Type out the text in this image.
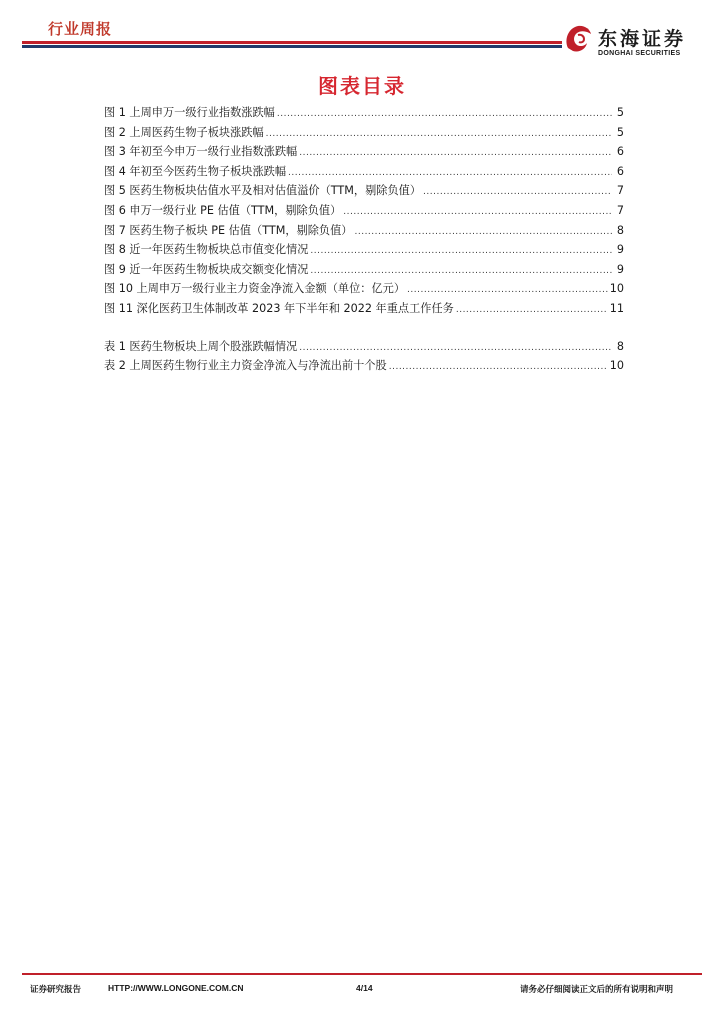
行业周报	东海证券
DONGHAI SECURITIES
图表目录
图 1 上周申万一级行业指数涨跌幅 .....	5
图 2 上周医药生物子板块涨跌幅 .....	5
图 3 年初至今申万一级行业指数涨跌幅 .....	6
图 4 年初至今医药生物子板块涨跌幅 .....	6
图 5 医药生物板块估值水平及相对估值溢价（TTM，剔除负值） .....	7
图 6 申万一级行业 PE 估值（TTM，剔除负值） .....	7
图 7 医药生物子板块 PE 估值（TTM，剔除负值） .....	8
图 8 近一年医药生物板块总市值变化情况 .....	9
图 9 近一年医药生物板块成交额变化情况 .....	9
图 10 上周申万一级行业主力资金净流入金额（单位：亿元） .....	10
图 11 深化医药卫生体制改革 2023 年下半年和 2022 年重点工作任务 .....	11
表 1 医药生物板块上周个股涨跌幅情况 .....	8
表 2 上周医药生物行业主力资金净流入与净流出前十个股 .....	10
证券研究报告	HTTP://WWW.LONGONE.COM.CN	4/14	请务必仔细阅读正文后的所有说明和声明
